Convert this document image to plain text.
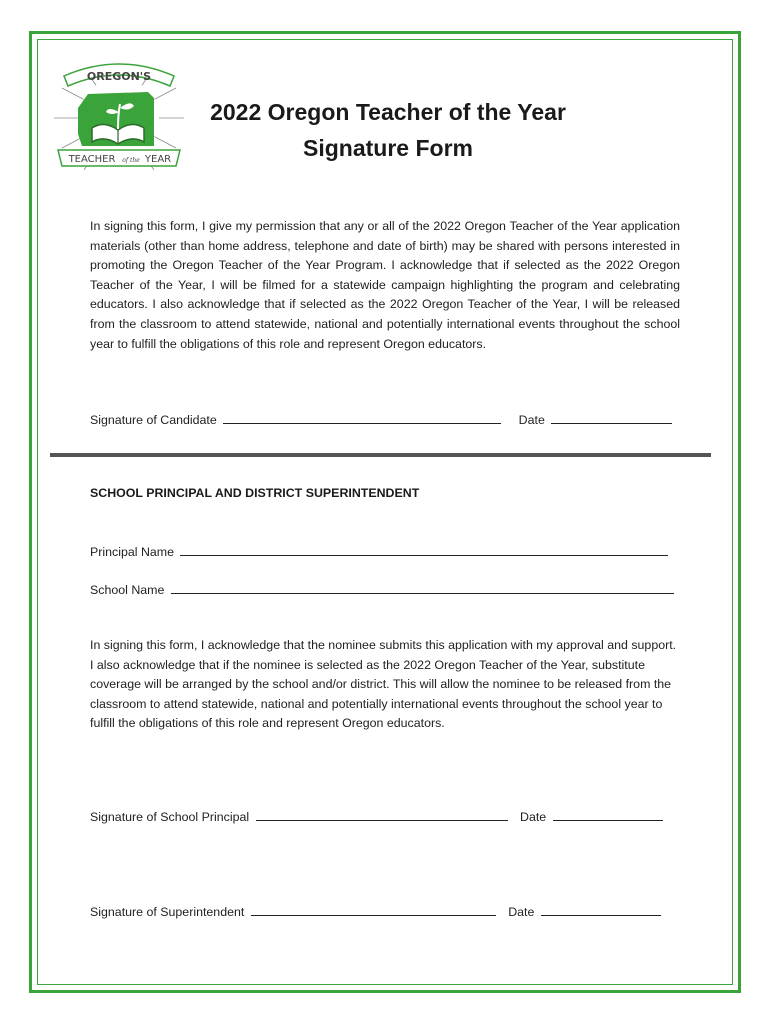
OREGON'S
TEACHER of the YEAR
2022 Oregon Teacher of the Year
Signature Form

In signing this form, I give my permission that any or all of the 2022 Oregon Teacher of the Year application materials (other than home address, telephone and date of birth) may be shared with persons interested in promoting the Oregon Teacher of the Year Program. I acknowledge that if selected as the 2022 Oregon Teacher of the Year, I will be filmed for a statewide campaign highlighting the program and celebrating educators. I also acknowledge that if selected as the 2022 Oregon Teacher of the Year, I will be released from the classroom to attend statewide, national and potentially international events throughout the school year to fulfill the obligations of this role and represent Oregon educators.

Signature of Candidate	Date
SCHOOL PRINCIPAL AND DISTRICT SUPERINTENDENT
Principal Name
School Name

In signing this form, I acknowledge that the nominee submits this application with my approval and support. I also acknowledge that if the nominee is selected as the 2022 Oregon Teacher of the Year, substitute coverage will be arranged by the school and/or district. This will allow the nominee to be released from the classroom to attend statewide, national and potentially international events throughout the school year to fulfill the obligations of this role and represent Oregon educators.

Signature of School Principal	Date
Signature of Superintendent	Date
